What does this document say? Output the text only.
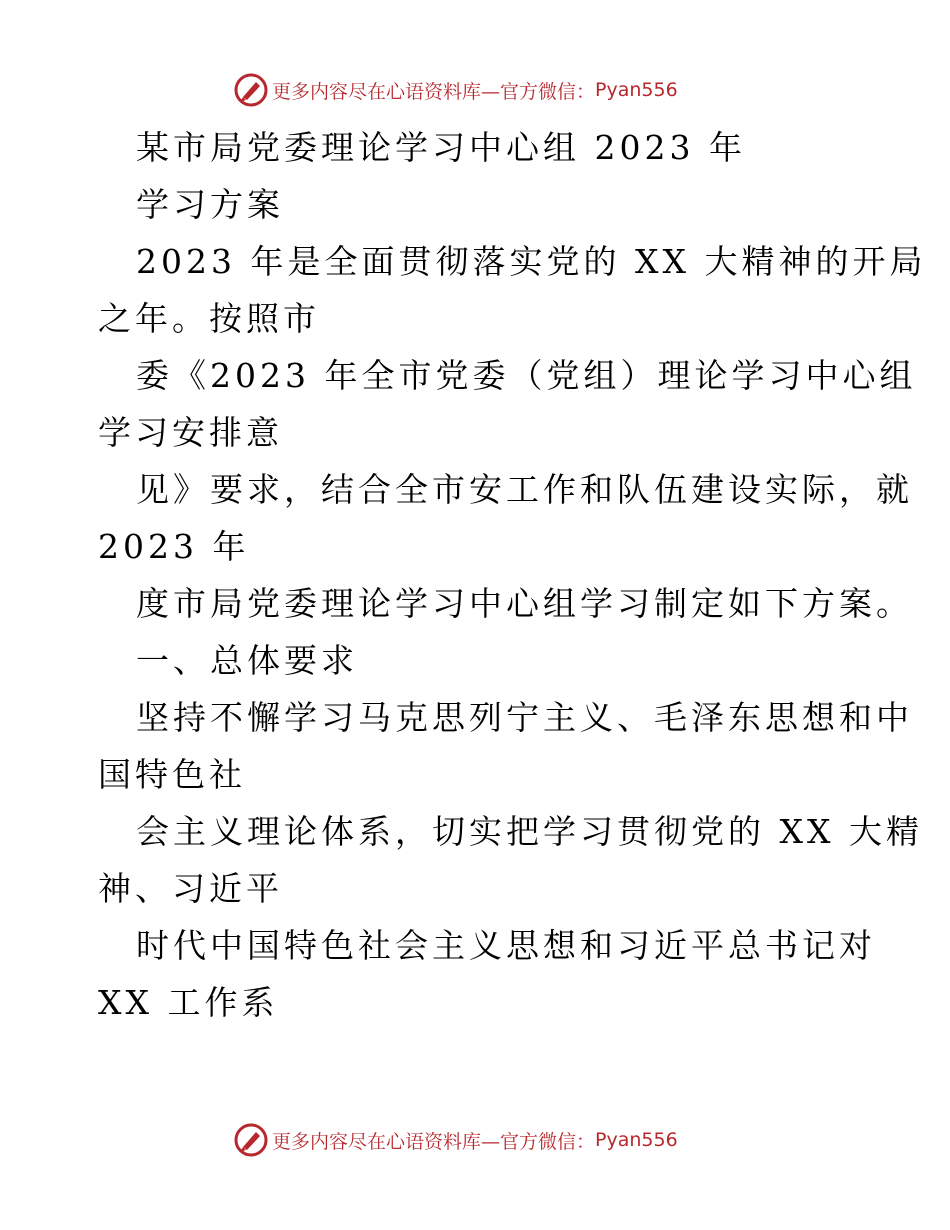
更多内容尽在心语资料库—官方微信： Pyan556
某市局党委理论学习中心组 2023 年
学习方案
2023 年是全面贯彻落实党的 XX 大精神的开局
之年。按照市
委《2023 年全市党委（党组）理论学习中心组
学习安排意
见》要求，结合全市安工作和队伍建设实际，就
2023 年
度市局党委理论学习中心组学习制定如下方案。
一、总体要求
坚持不懈学习马克思列宁主义、毛泽东思想和中
国特色社
会主义理论体系，切实把学习贯彻党的 XX 大精
神、习近平
时代中国特色社会主义思想和习近平总书记对
XX 工作系
更多内容尽在心语资料库—官方微信： Pyan556
